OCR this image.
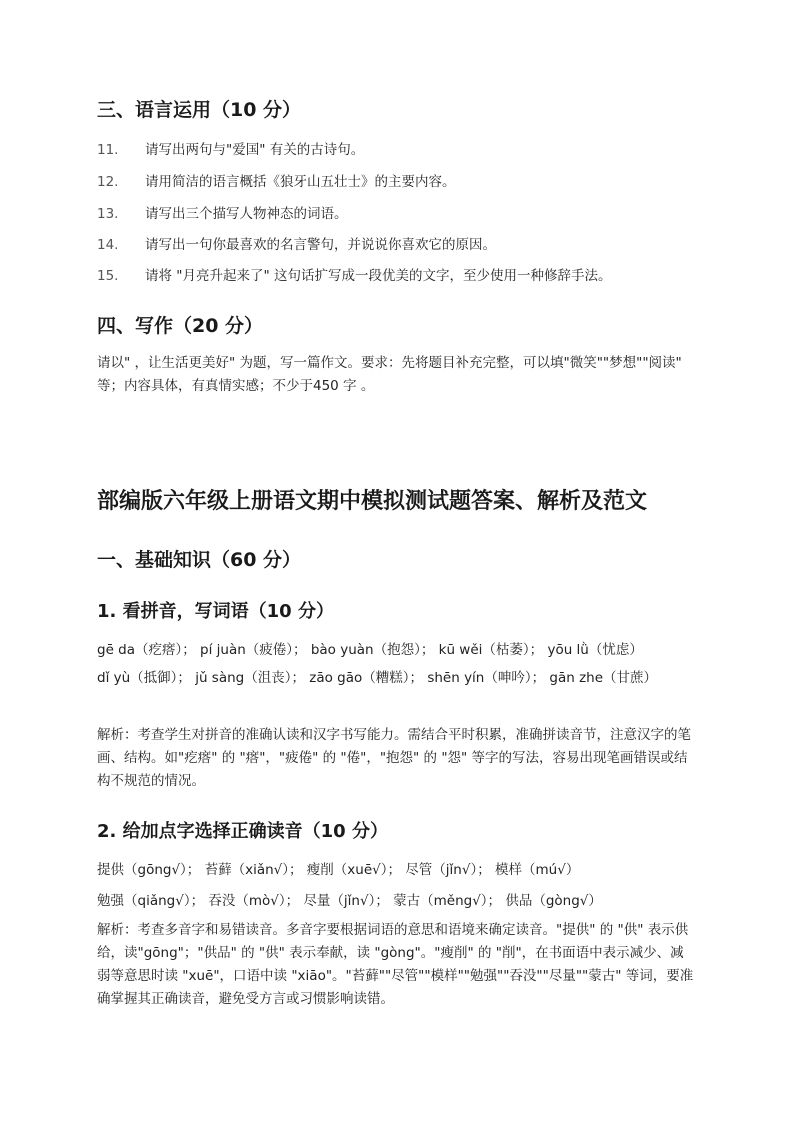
三、语言运用（10 分）
11. 请写出两句与"爱国" 有关的古诗句。
12. 请用简洁的语言概括《狼牙山五壮士》的主要内容。
13. 请写出三个描写人物神态的词语。
14. 请写出一句你最喜欢的名言警句，并说说你喜欢它的原因。
15. 请将 "月亮升起来了" 这句话扩写成一段优美的文字，至少使用一种修辞手法。
四、写作（20 分）
请以" ，让生活更美好" 为题，写一篇作文。要求：先将题目补充完整，可以填"微笑""梦想""阅读" 等；内容具体，有真情实感；不少于450 字 。
部编版六年级上册语文期中模拟测试题答案、解析及范文
一、基础知识（60 分）
1. 看拼音，写词语（10 分）
gē da（疙瘩）； pí juàn（疲倦）； bào yuàn（抱怨）； kū wěi（枯萎）； yōu lǜ（忧虑）
dǐ yù（抵御）； jǔ sàng（沮丧）； zāo gāo（糟糕）； shēn yín（呻吟）； gān zhe（甘蔗）
解析：考查学生对拼音的准确认读和汉字书写能力。需结合平时积累，准确拼读音节，注意汉字的笔画、结构。如"疙瘩" 的 "瘩"，"疲倦" 的 "倦"，"抱怨" 的 "怨" 等字的写法，容易出现笔画错误或结构不规范的情况。
2. 给加点字选择正确读音（10 分）
提供（gōng√）； 苔藓（xiǎn√）； 瘦削（xuē√）； 尽管（jǐn√）； 模样（mú√）
勉强（qiǎng√）； 吞没（mò√）； 尽量（jǐn√）； 蒙古（měng√）； 供品（gòng√）
解析：考查多音字和易错读音。多音字要根据词语的意思和语境来确定读音。"提供" 的 "供" 表示供给，读"gōng"；"供品" 的 "供" 表示奉献，读 "gòng"。"瘦削" 的 "削"，在书面语中表示减少、减弱等意思时读 "xuē"，口语中读 "xiāo"。"苔藓""尽管""模样""勉强""吞没""尽量""蒙古" 等词，要准确掌握其正确读音，避免受方言或习惯影响读错。
